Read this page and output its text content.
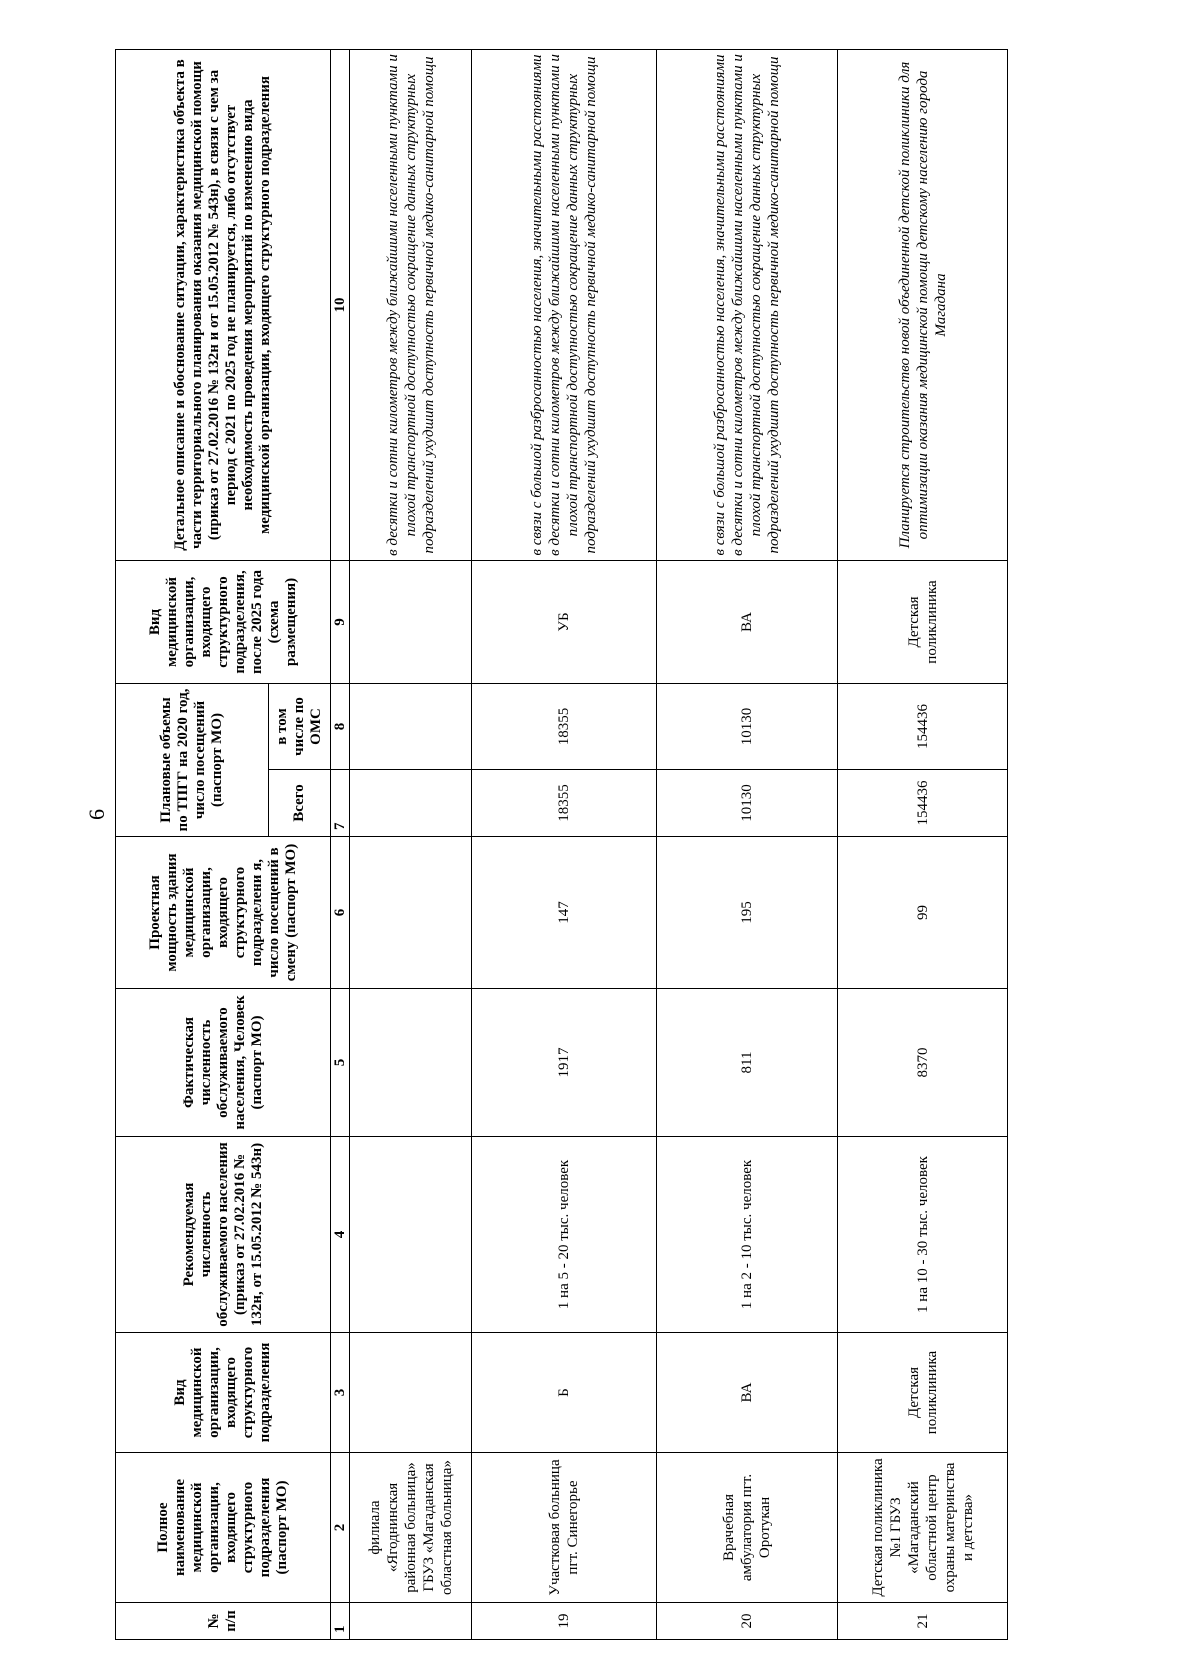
6
№ п/п	Полное наименование медицинской организации, входящего структурного подразделения (паспорт МО)	Вид медицинской организации, входящего структурного подразделения	Рекомендуемая численность обслуживаемого населения (приказ от 27.02.2016 № 132н, от 15.05.2012 № 543н)	Фактическая численность обслуживаемого населения, Человек (паспорт МО)	Проектная мощность здания медицинской организации, входящего структурного подразделени я, число посещений в смену (паспорт МО)	Плановые объемы по ТПГГ на 2020 год, число посещений (паспорт МО)		Вид медицинской организации, входящего структурного подразделения, после 2025 года (схема размещения)	Детальное описание и обоснование ситуации, характеристика объекта в части территориального планирования оказания медицинской помощи (приказ от 27.02.2016 № 132н и от 15.05.2012 № 543н), в связи с чем за период с 2021 по 2025 год не планируется, либо отсутствует необходимость проведения мероприятий по изменению вида медицинской организации, входящего структурного подразделения
						Всего	в том числе по ОМС		
1	2	3	4	5	6	7	8	9	10
	филиала «Ягоднинская районная больница» ГБУЗ «Магаданская областная больница»								в десятки и сотни километров между ближайшими населенными пунктами и плохой транспортной доступностью сокращение данных структурных подразделений ухудшит доступность первичной медико-санитарной помощи
19	Участковая больница пгт. Синегорье	Б	1 на 5 - 20 тыс. человек	1917	147	18355	18355	УБ	в связи с большой разбросанностью населения, значительными расстояниями в десятки и сотни километров между ближайшими населенными пунктами и плохой транспортной доступностью сокращение данных структурных подразделений ухудшит доступность первичной медико-санитарной помощи
20	Врачебная амбулатория пгт. Оротукан	ВА	1 на 2 - 10 тыс. человек	811	195	10130	10130	ВА	в связи с большой разбросанностью населения, значительными расстояниями в десятки и сотни километров между ближайшими населенными пунктами и плохой транспортной доступностью сокращение данных структурных подразделений ухудшит доступность первичной медико-санитарной помощи
21	Детская поликлиника №1 ГБУЗ «Магаданский областной центр охраны материнства и детства»	Детская поликлиника	1 на 10 - 30 тыс. человек	8370	99	154436	154436	Детская поликлиника	Планируется строительство новой объединенной детской поликлиники для оптимизации оказания медицинской помощи детскому населению города Магадана
